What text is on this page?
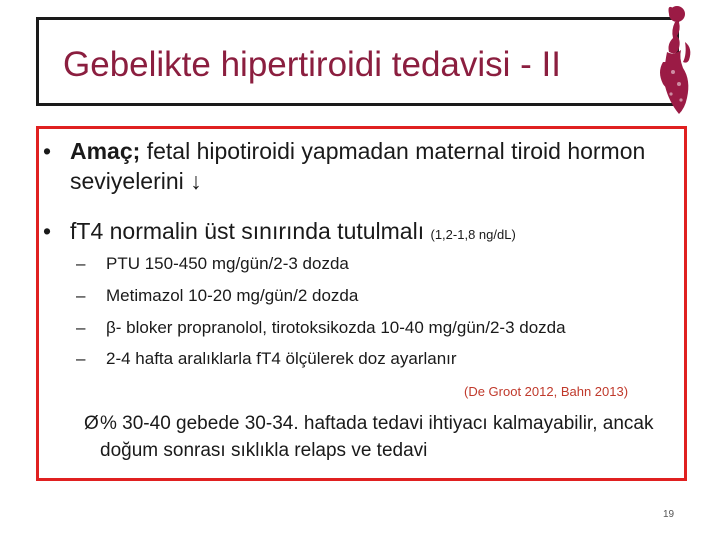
Gebelikte hipertiroidi tedavisi - II
• Amaç; fetal hipotiroidi yapmadan maternal tiroid hormon seviyelerini ↓
• fT4 normalin üst sınırında tutulmalı (1,2-1,8 ng/dL)
– PTU 150-450 mg/gün/2-3 dozda
– Metimazol 10-20 mg/gün/2 dozda
– β- bloker propranolol, tirotoksikozda 10-40 mg/gün/2-3 dozda
– 2-4 hafta aralıklarla fT4 ölçülerek doz ayarlanır
(De Groot 2012, Bahn 2013)
Ø % 30-40 gebede 30-34. haftada tedavi ihtiyacı kalmayabilir, ancak doğum sonrası sıklıkla relaps ve tedavi
19
